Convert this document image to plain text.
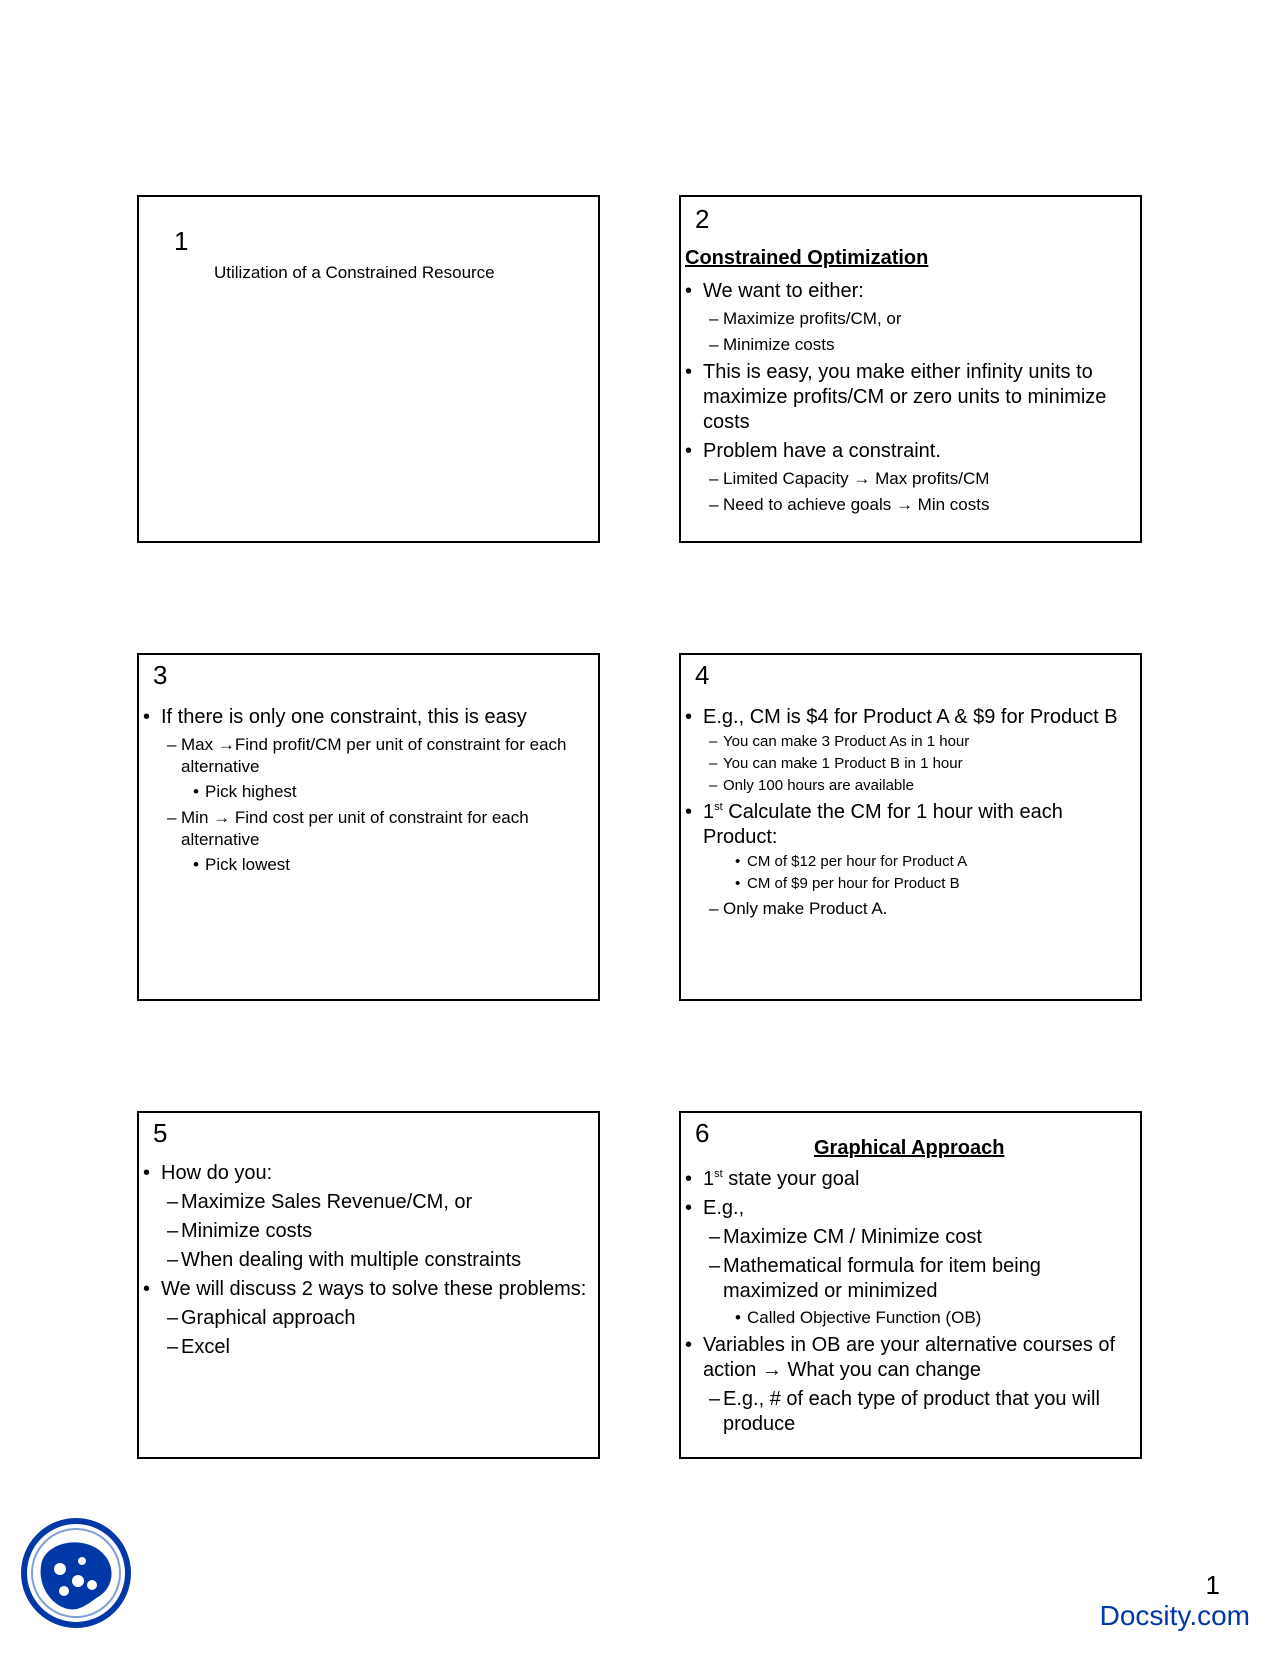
1
Utilization of a Constrained Resource
2
Constrained Optimization
• We want to either:
– Maximize profits/CM, or
– Minimize costs
• This is easy, you make either infinity units to maximize profits/CM or zero units to minimize costs
• Problem have a constraint.
– Limited Capacity → Max profits/CM
– Need to achieve goals → Min costs
3
• If there is only one constraint, this is easy
– Max →Find profit/CM per unit of constraint for each alternative
• Pick highest
– Min → Find cost per unit of constraint for each alternative
• Pick lowest
4
• E.g., CM is $4 for Product A & $9 for Product B
– You can make 3 Product As in 1 hour
– You can make 1 Product B in 1 hour
– Only 100 hours are available
• 1st Calculate the CM for 1 hour with each Product:
• CM of $12 per hour for Product A
• CM of $9 per hour for Product B
– Only make Product A.
5
• How do you:
– Maximize Sales Revenue/CM, or
– Minimize costs
– When dealing with multiple constraints
• We will discuss 2 ways to solve these problems:
– Graphical approach
– Excel
6	Graphical Approach
• 1st state your goal
• E.g.,
– Maximize CM / Minimize cost
– Mathematical formula for item being maximized or minimized
• Called Objective Function (OB)
• Variables in OB are your alternative courses of action → What you can change
– E.g., # of each type of product that you will produce
1
Docsity.com
